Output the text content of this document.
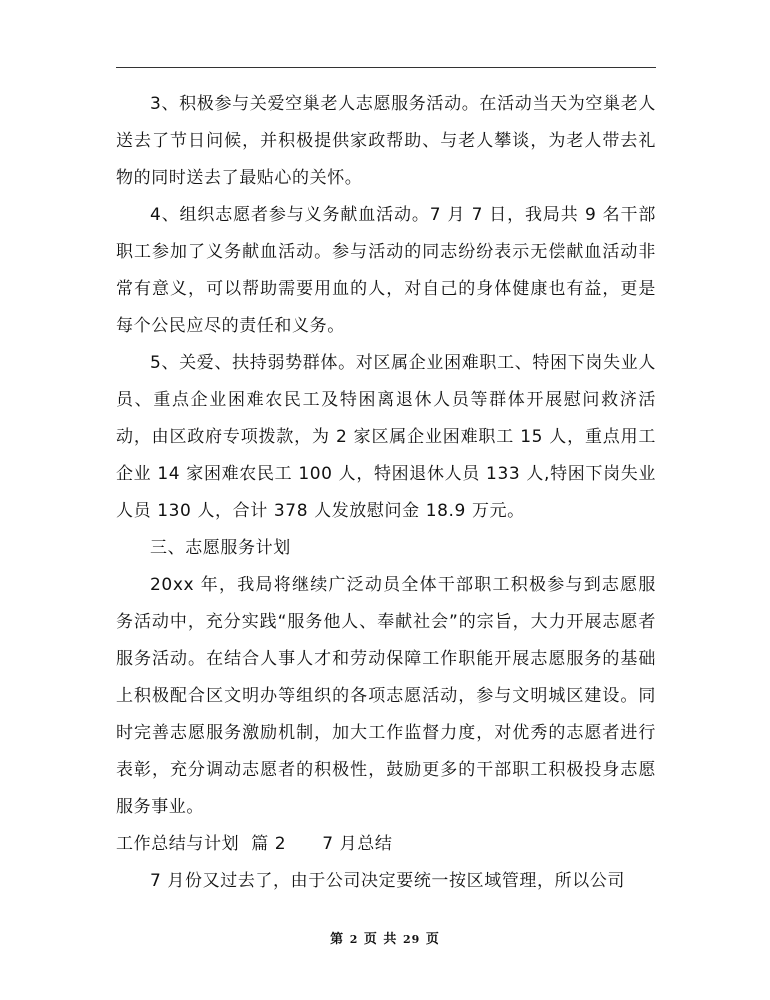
3、积极参与关爱空巢老人志愿服务活动。在活动当天为空巢老人送去了节日问候，并积极提供家政帮助、与老人攀谈，为老人带去礼物的同时送去了最贴心的关怀。

4、组织志愿者参与义务献血活动。7 月 7 日，我局共 9 名干部职工参加了义务献血活动。参与活动的同志纷纷表示无偿献血活动非常有意义，可以帮助需要用血的人，对自己的身体健康也有益，更是每个公民应尽的责任和义务。

5、关爱、扶持弱势群体。对区属企业困难职工、特困下岗失业人员、重点企业困难农民工及特困离退休人员等群体开展慰问救济活动，由区政府专项拨款，为 2 家区属企业困难职工 15 人，重点用工企业 14 家困难农民工 100 人，特困退休人员 133 人,特困下岗失业人员 130 人，合计 378 人发放慰问金 18.9 万元。

三、志愿服务计划

20xx 年，我局将继续广泛动员全体干部职工积极参与到志愿服务活动中，充分实践“服务他人、奉献社会”的宗旨，大力开展志愿者服务活动。在结合人事人才和劳动保障工作职能开展志愿服务的基础上积极配合区文明办等组织的各项志愿活动，参与文明城区建设。同时完善志愿服务激励机制，加大工作监督力度，对优秀的志愿者进行表彰，充分调动志愿者的积极性，鼓励更多的干部职工积极投身志愿服务事业。

工作总结与计划  篇 2      7 月总结

7 月份又过去了，由于公司决定要统一按区域管理，所以公司

第 2 页 共 29 页
